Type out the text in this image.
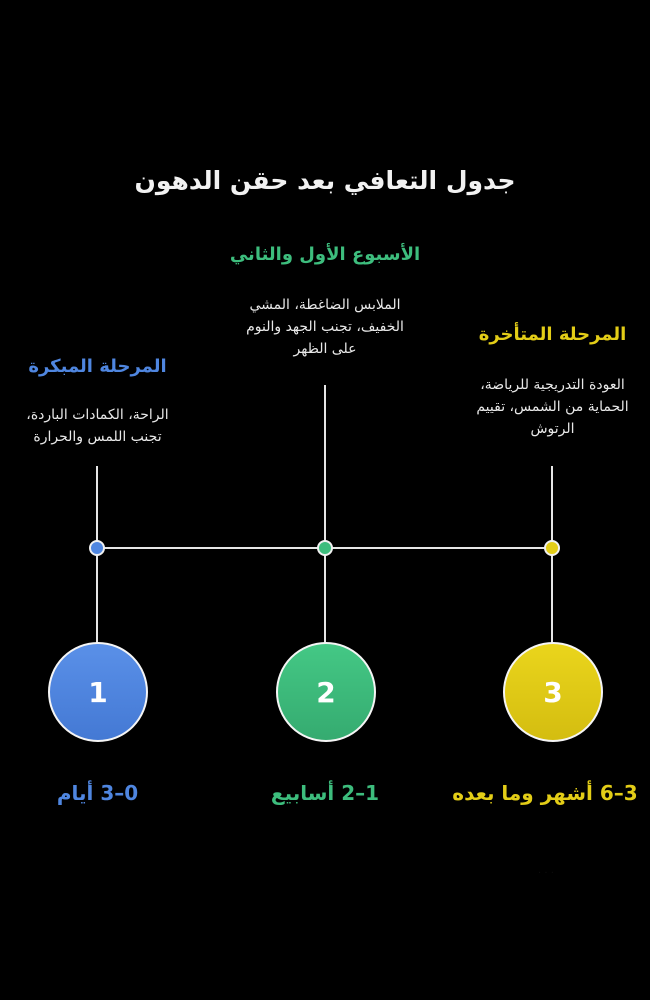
جدول التعافي بعد حقن الدهون
الأسبوع الأول والثاني
الملابس الضاغطة، المشي
الخفيف، تجنب الجهد والنوم
على الظهر
المرحلة المبكرة
الراحة، الكمادات الباردة،
تجنب اللمس والحرارة
المرحلة المتأخرة
العودة التدريجية للرياضة،
الحماية من الشمس، تقييم
الرتوش
1	2	3
0–3 أيام	1–2 أسابيع	3–6 أشهر وما بعده
· · ·
